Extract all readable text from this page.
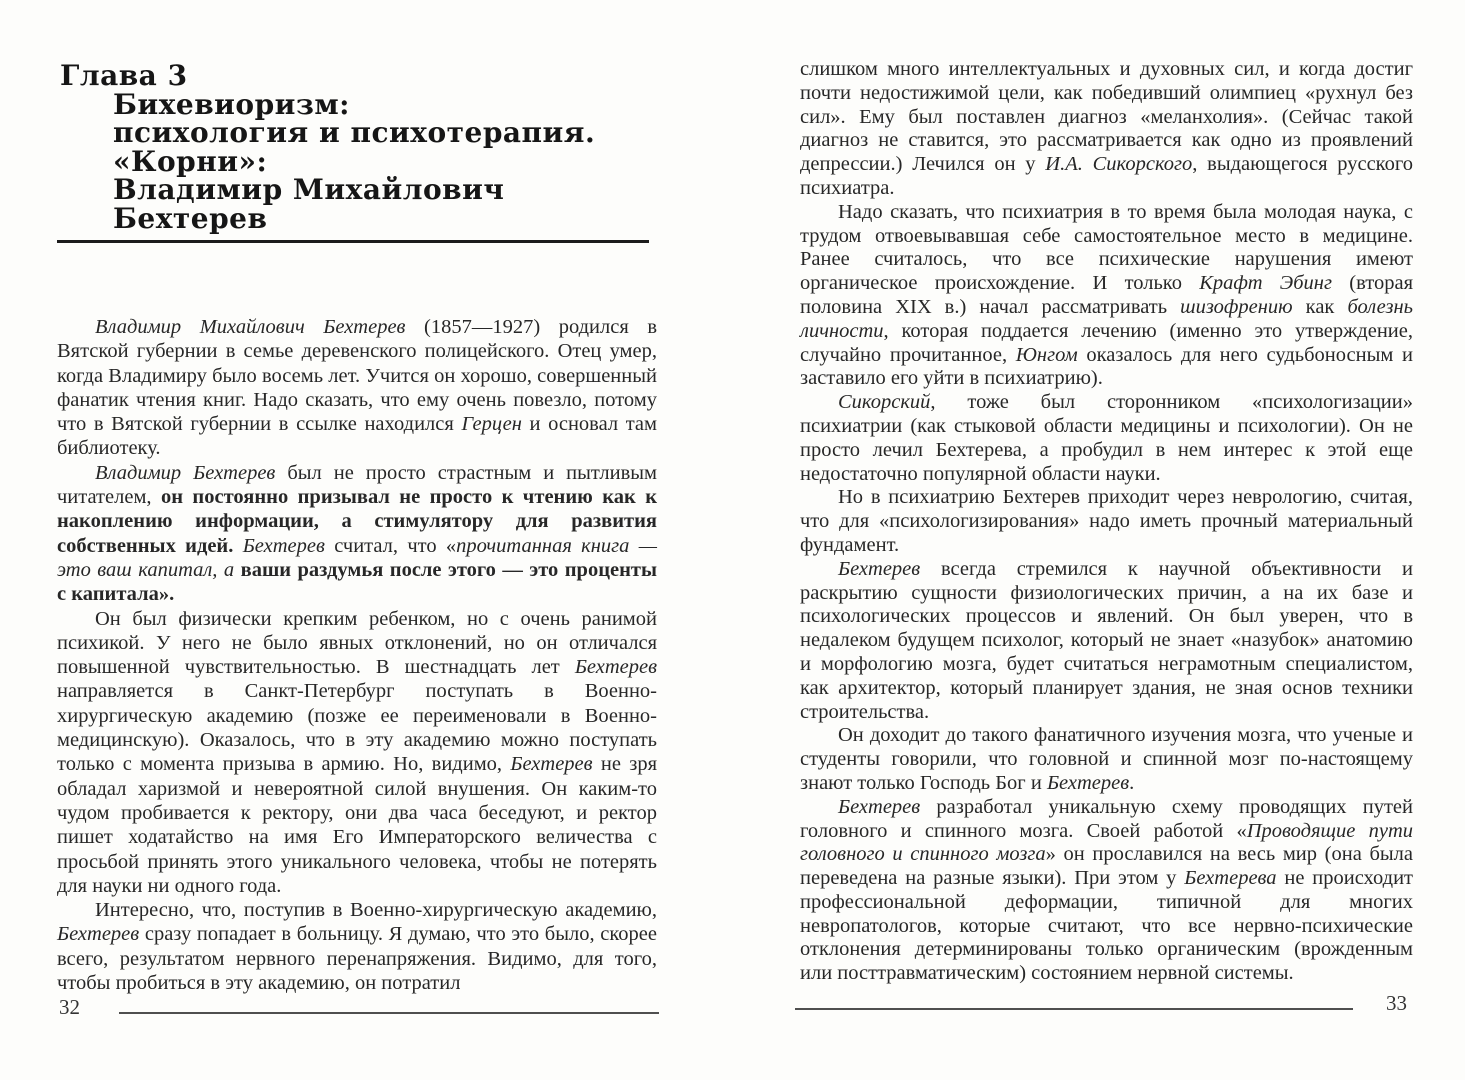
Глава 3
Бихевиоризм:
психология и психотерапия.
«Корни»:
Владимир Михайлович Бехтерев

Владимир Михайлович Бехтерев (1857—1927) родился в Вятской губернии в семье деревенского полицейского. Отец умер, когда Владимиру было восемь лет. Учится он хорошо, совершенный фанатик чтения книг. Надо сказать, что ему очень повезло, потому что в Вятской губернии в ссылке находился Герцен и основал там библиотеку.

Владимир Бехтерев был не просто страстным и пытливым читателем, он постоянно призывал не просто к чтению как к накоплению информации, а стимулятору для развития собственных идей. Бехтерев считал, что «прочитанная книга — это ваш капитал, а ваши раздумья после этого — это проценты с капитала».

Он был физически крепким ребенком, но с очень ранимой психикой. У него не было явных отклонений, но он отличался повышенной чувствительностью. В шестнадцать лет Бехтерев направляется в Санкт-Петербург поступать в Военно-хирургическую академию (позже ее переименовали в Военно-медицинскую). Оказалось, что в эту академию можно поступать только с момента призыва в армию. Но, видимо, Бехтерев не зря обладал харизмой и невероятной силой внушения. Он каким-то чудом пробивается к ректору, они два часа беседуют, и ректор пишет ходатайство на имя Его Императорского величества с просьбой принять этого уникального человека, чтобы не потерять для науки ни одного года.

Интересно, что, поступив в Военно-хирургическую академию, Бехтерев сразу попадает в больницу. Я думаю, что это было, скорее всего, результатом нервного перенапряжения. Видимо, для того, чтобы пробиться в эту академию, он потратил

32

слишком много интеллектуальных и духовных сил, и когда достиг почти недостижимой цели, как победивший олимпиец «рухнул без сил». Ему был поставлен диагноз «меланхолия». (Сейчас такой диагноз не ставится, это рассматривается как одно из проявлений депрессии.) Лечился он у И.А. Сикорского, выдающегося русского психиатра.

Надо сказать, что психиатрия в то время была молодая наука, с трудом отвоевывавшая себе самостоятельное место в медицине. Ранее считалось, что все психические нарушения имеют органическое происхождение. И только Крафт Эбинг (вторая половина XIX в.) начал рассматривать шизофрению как болезнь личности, которая поддается лечению (именно это утверждение, случайно прочитанное, Юнгом оказалось для него судьбоносным и заставило его уйти в психиатрию).

Сикорский, тоже был сторонником «психологизации» психиатрии (как стыковой области медицины и психологии). Он не просто лечил Бехтерева, а пробудил в нем интерес к этой еще недостаточно популярной области науки.

Но в психиатрию Бехтерев приходит через неврологию, считая, что для «психологизирования» надо иметь прочный материальный фундамент.

Бехтерев всегда стремился к научной объективности и раскрытию сущности физиологических причин, а на их базе и психологических процессов и явлений. Он был уверен, что в недалеком будущем психолог, который не знает «назубок» анатомию и морфологию мозга, будет считаться неграмотным специалистом, как архитектор, который планирует здания, не зная основ техники строительства.

Он доходит до такого фанатичного изучения мозга, что ученые и студенты говорили, что головной и спинной мозг по-настоящему знают только Господь Бог и Бехтерев.

Бехтерев разработал уникальную схему проводящих путей головного и спинного мозга. Своей работой «Проводящие пути головного и спинного мозга» он прославился на весь мир (она была переведена на разные языки). При этом у Бехтерева не происходит профессиональной деформации, типичной для многих невропатологов, которые считают, что все нервно-психические отклонения детерминированы только органическим (врожденным или посттравматическим) состоянием нервной системы.

33
